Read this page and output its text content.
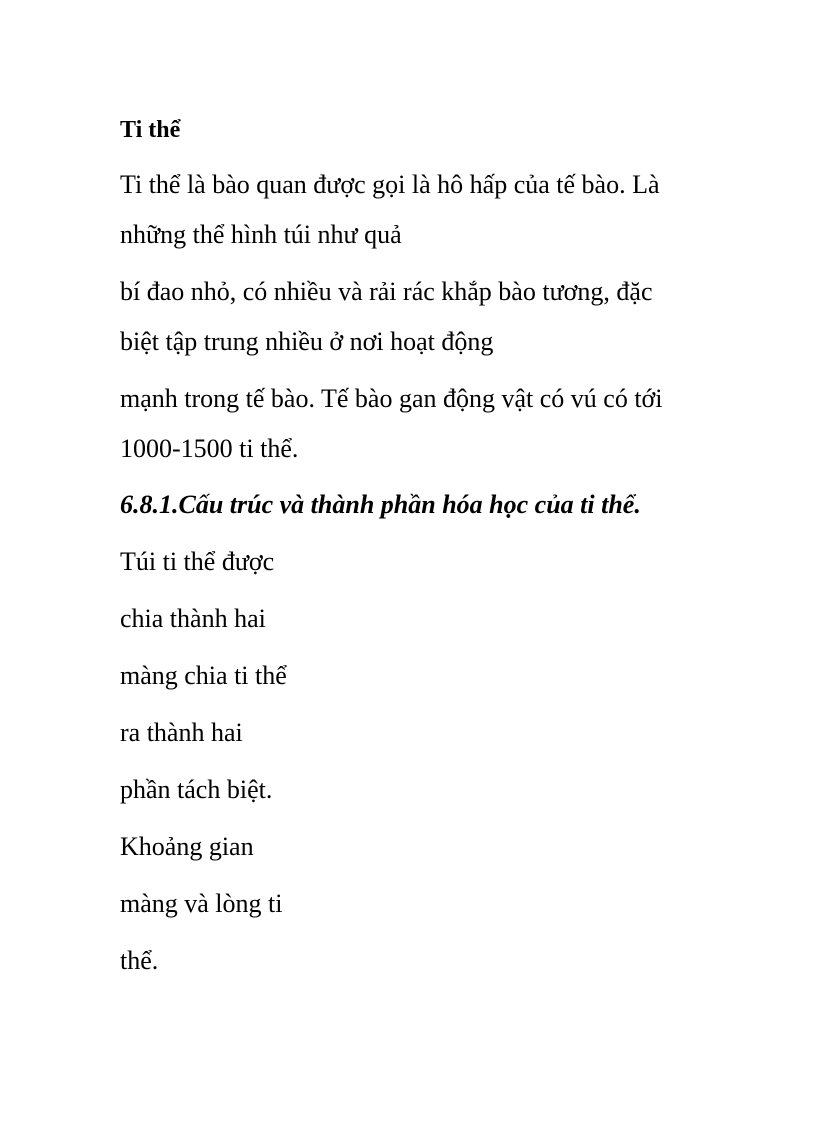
Ti thể
Ti thể là bào quan được gọi là hô hấp của tế bào. Là
những thể hình túi như quả
bí đao nhỏ, có nhiều và rải rác khắp bào tương, đặc
biệt tập trung nhiều ở nơi hoạt động
mạnh trong tế bào. Tế bào gan động vật có vú có tới
1000-1500 ti thể.
6.8.1.Cấu trúc và thành phần hóa học của ti thể.
Túi ti thể được
chia thành hai
màng chia ti thể
ra thành hai
phần tách biệt.
Khoảng gian
màng và lòng ti
thể.
